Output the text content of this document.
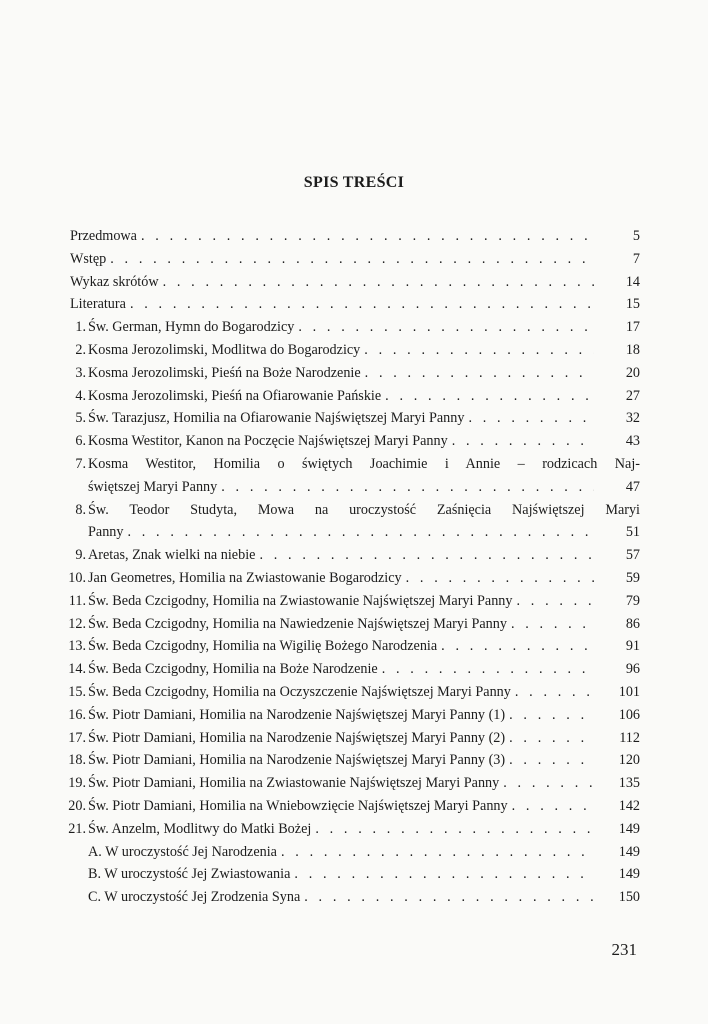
SPIS TREŚCI
Przedmowa . . .	5
Wstęp . . .	7
Wykaz skrótów . . .	14
Literatura . . .	15
1. Św. German, Hymn do Bogarodzicy . . .	17
2. Kosma Jerozolimski, Modlitwa do Bogarodzicy . . .	18
3. Kosma Jerozolimski, Pieśń na Boże Narodzenie . . .	20
4. Kosma Jerozolimski, Pieśń na Ofiarowanie Pańskie . . .	27
5. Św. Tarazjusz, Homilia na Ofiarowanie Najświętszej Maryi Panny . . .	32
6. Kosma Westitor, Kanon na Poczęcie Najświętszej Maryi Panny . . .	43
7. Kosma Westitor, Homilia o świętych Joachimie i Annie – rodzicach Naj-
świętszej Maryi Panny . . .	47
8. Św. Teodor Studyta, Mowa na uroczystość Zaśnięcia Najświętszej Maryi
Panny . . .	51
9. Aretas, Znak wielki na niebie . . .	57
10. Jan Geometres, Homilia na Zwiastowanie Bogarodzicy . . .	59
11. Św. Beda Czcigodny, Homilia na Zwiastowanie Najświętszej Maryi Panny . . .	79
12. Św. Beda Czcigodny, Homilia na Nawiedzenie Najświętszej Maryi Panny . . .	86
13. Św. Beda Czcigodny, Homilia na Wigilię Bożego Narodzenia . . .	91
14. Św. Beda Czcigodny, Homilia na Boże Narodzenie . . .	96
15. Św. Beda Czcigodny, Homilia na Oczyszczenie Najświętszej Maryi Panny . . .	101
16. Św. Piotr Damiani, Homilia na Narodzenie Najświętszej Maryi Panny (1) . . .	106
17. Św. Piotr Damiani, Homilia na Narodzenie Najświętszej Maryi Panny (2) . . .	112
18. Św. Piotr Damiani, Homilia na Narodzenie Najświętszej Maryi Panny (3) . . .	120
19. Św. Piotr Damiani, Homilia na Zwiastowanie Najświętszej Maryi Panny . . .	135
20. Św. Piotr Damiani, Homilia na Wniebowzięcie Najświętszej Maryi Panny . . .	142
21. Św. Anzelm, Modlitwy do Matki Bożej . . .	149
A. W uroczystość Jej Narodzenia . . .	149
B. W uroczystość Jej Zwiastowania . . .	149
C. W uroczystość Jej Zrodzenia Syna . . .	150
231
